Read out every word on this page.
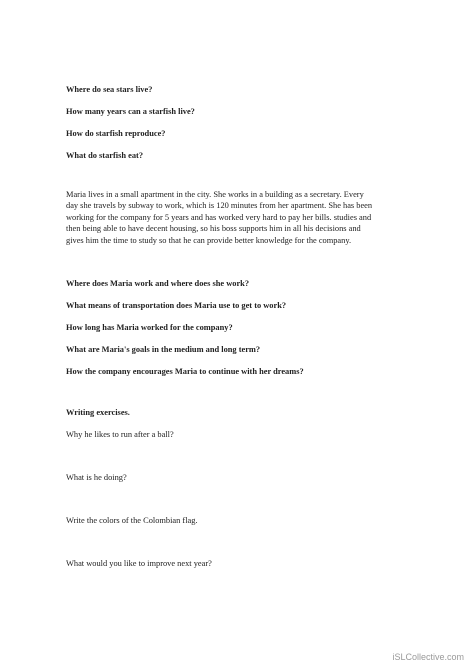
Where do sea stars live?
How many years can a starfish live?
How do starfish reproduce?
What do starfish eat?
Maria lives in a small apartment in the city. She works in a building as a secretary. Every
day she travels by subway to work, which is 120 minutes from her apartment. She has been
working for the company for 5 years and has worked very hard to pay her bills. studies and
then being able to have decent housing, so his boss supports him in all his decisions and
gives him the time to study so that he can provide better knowledge for the company.
Where does Maria work and where does she work?
What means of transportation does Maria use to get to work?
How long has Maria worked for the company?
What are Maria's goals in the medium and long term?
How the company encourages Maria to continue with her dreams?
Writing exercises.
Why he likes to run after a ball?
What is he doing?
Write the colors of the Colombian flag.
What would you like to improve next year?
iSLCollective.com
